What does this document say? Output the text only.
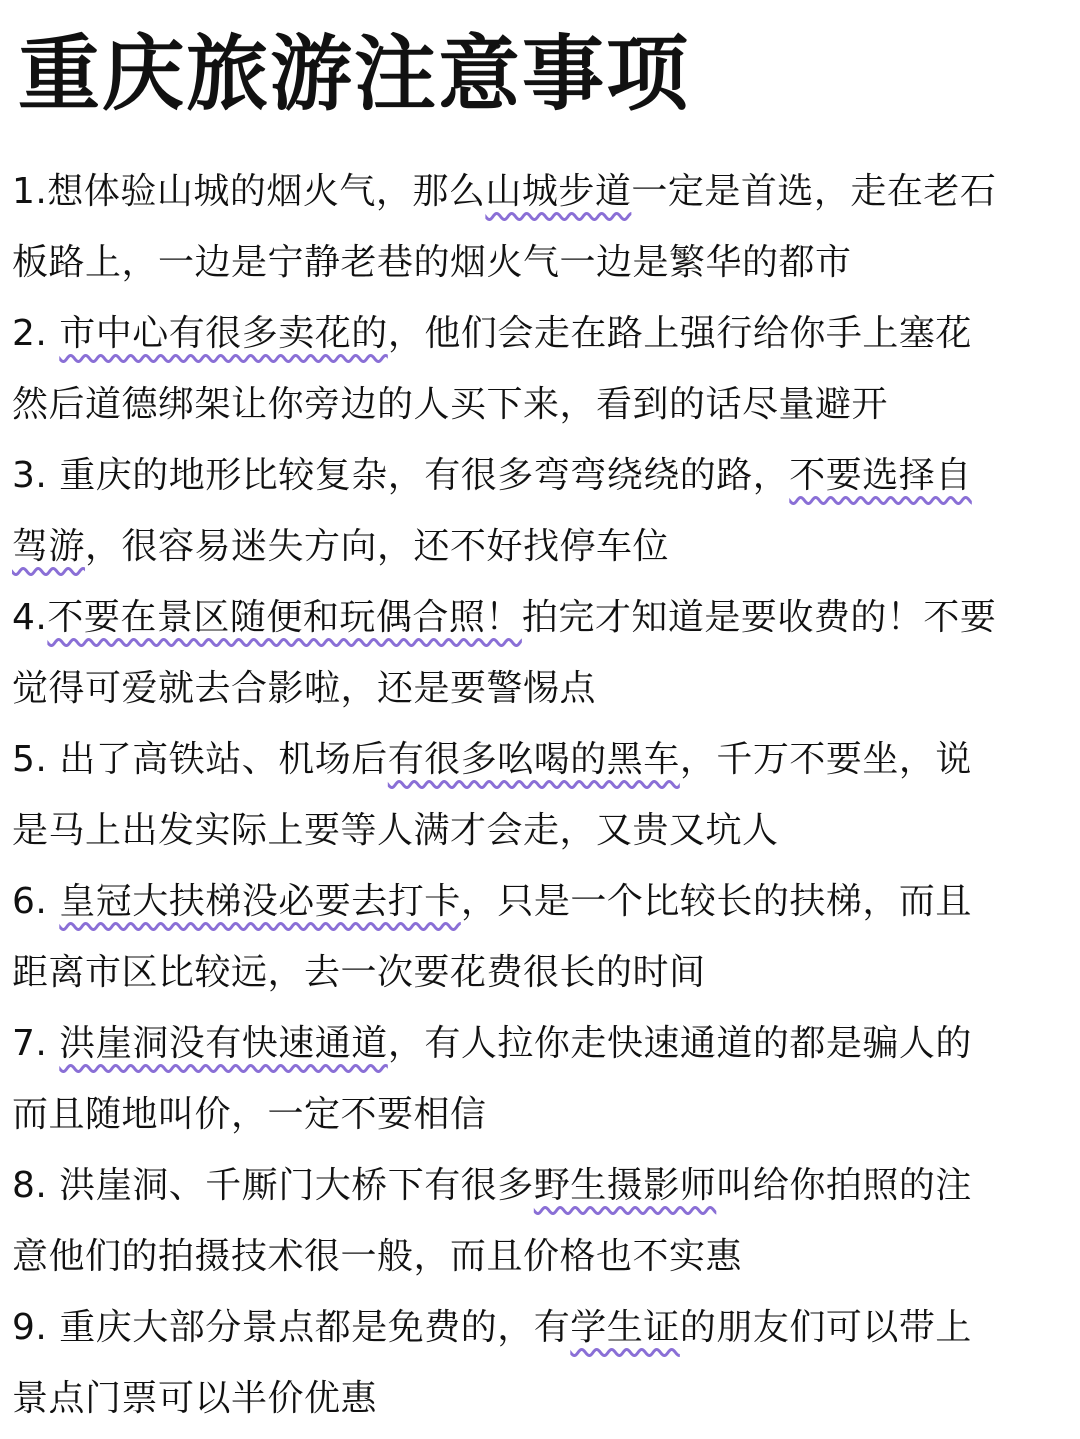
重庆旅游注意事项
1.想体验山城的烟火气，那么山城步道一定是首选，走在老石
板路上，一边是宁静老巷的烟火气一边是繁华的都市
2. 市中心有很多卖花的，他们会走在路上强行给你手上塞花
然后道德绑架让你旁边的人买下来，看到的话尽量避开
3. 重庆的地形比较复杂，有很多弯弯绕绕的路，不要选择自
驾游，很容易迷失方向，还不好找停车位
4.不要在景区随便和玩偶合照！拍完才知道是要收费的！不要
觉得可爱就去合影啦，还是要警惕点
5. 出了高铁站、机场后有很多吆喝的黑车，千万不要坐，说
是马上出发实际上要等人满才会走，又贵又坑人
6. 皇冠大扶梯没必要去打卡，只是一个比较长的扶梯，而且
距离市区比较远，去一次要花费很长的时间
7. 洪崖洞没有快速通道，有人拉你走快速通道的都是骗人的
而且随地叫价，一定不要相信
8. 洪崖洞、千厮门大桥下有很多野生摄影师叫给你拍照的注
意他们的拍摄技术很一般，而且价格也不实惠
9. 重庆大部分景点都是免费的，有学生证的朋友们可以带上
景点门票可以半价优惠
